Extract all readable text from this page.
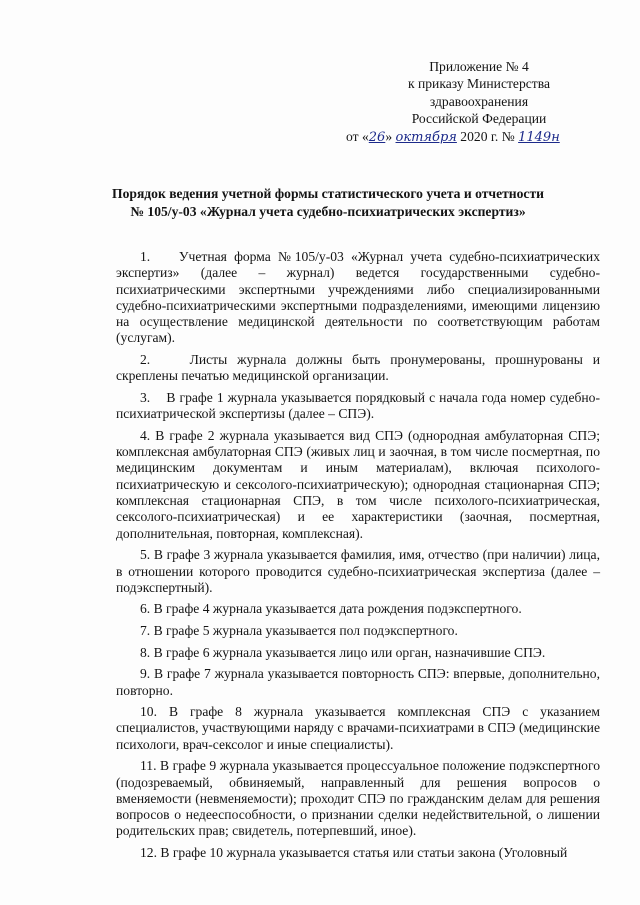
Приложение № 4
к приказу Министерства
здравоохранения
Российской Федерации
от «26» октября 2020 г. № 1149н
Порядок ведения учетной формы статистического учета и отчетности
№ 105/у-03 «Журнал учета судебно-психиатрических экспертиз»

1.    Учетная форма №105/у-03 «Журнал учета судебно-психиатрических экспертиз» (далее – журнал) ведется государственными судебно-психиатрическими экспертными учреждениями либо специализированными судебно-психиатрическими экспертными подразделениями, имеющими лицензию на осуществление медицинской деятельности по соответствующим работам (услугам).

2.    Листы журнала должны быть пронумерованы, прошнурованы и скреплены печатью медицинской организации.

3.    В графе 1 журнала указывается порядковый с начала года номер судебно-психиатрической экспертизы (далее – СПЭ).

4. В графе 2 журнала указывается вид СПЭ (однородная амбулаторная СПЭ; комплексная амбулаторная СПЭ (живых лиц и заочная, в том числе посмертная, по медицинским документам и иным материалам), включая психолого-психиатрическую и сексолого-психиатрическую); однородная стационарная СПЭ; комплексная стационарная СПЭ, в том числе психолого-психиатрическая, сексолого-психиатрическая) и ее характеристики (заочная, посмертная, дополнительная, повторная, комплексная).

5. В графе 3 журнала указывается фамилия, имя, отчество (при наличии) лица, в отношении которого проводится судебно-психиатрическая экспертиза (далее – подэкспертный).

6. В графе 4 журнала указывается дата рождения подэкспертного.

7. В графе 5 журнала указывается пол подэкспертного.

8. В графе 6 журнала указывается лицо или орган, назначившие СПЭ.

9. В графе 7 журнала указывается повторность СПЭ: впервые, дополнительно, повторно.

10. В графе 8 журнала указывается комплексная СПЭ с указанием специалистов, участвующими наряду с врачами-психиатрами в СПЭ (медицинские психологи, врач-сексолог и иные специалисты).

11. В графе 9 журнала указывается процессуальное положение подэкспертного (подозреваемый, обвиняемый, направленный для решения вопросов о вменяемости (невменяемости); проходит СПЭ по гражданским делам для решения вопросов о недееспособности, о признании сделки недействительной, о лишении родительских прав; свидетель, потерпевший, иное).

12. В графе 10 журнала указывается статья или статьи закона (Уголовный
